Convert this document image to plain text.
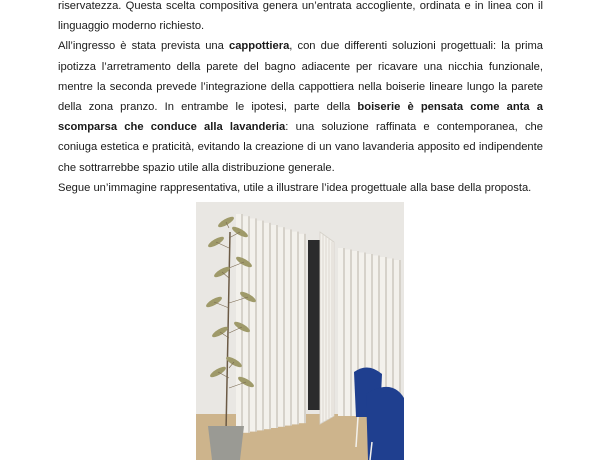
riservatezza. Questa scelta compositiva genera un’entrata accogliente, ordinata e in linea con il linguaggio moderno richiesto.

All’ingresso è stata prevista una cappottiera, con due differenti soluzioni progettuali: la prima ipotizza l’arretramento della parete del bagno adiacente per ricavare una nicchia funzionale, mentre la seconda prevede l’integrazione della cappottiera nella boiserie lineare lungo la parete della zona pranzo. In entrambe le ipotesi, parte della boiserie è pensata come anta a scomparsa che conduce alla lavanderia: una soluzione raffinata e contemporanea, che coniuga estetica e praticità, evitando la creazione di un vano lavanderia apposito ed indipendente che sottrarrebbe spazio utile alla distribuzione generale.

Segue un’immagine rappresentativa, utile a illustrare l’idea progettuale alla base della proposta.
